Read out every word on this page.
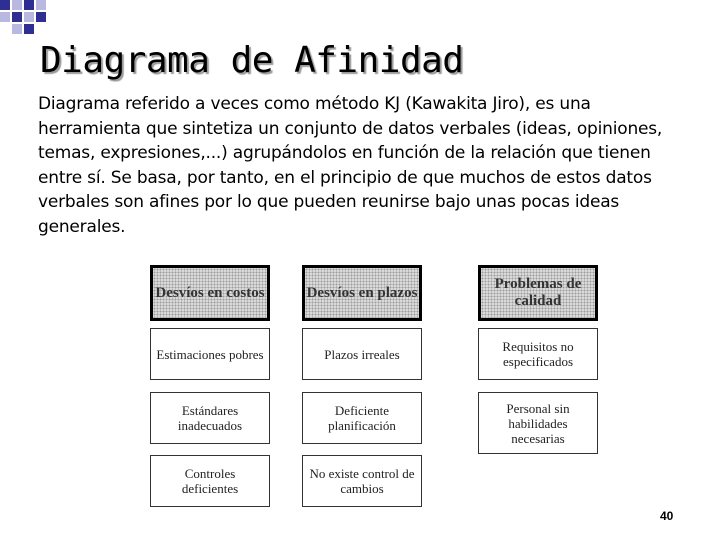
Diagrama de Afinidad

Diagrama referido a veces como método KJ (Kawakita Jiro), es una herramienta que sintetiza un conjunto de datos verbales (ideas, opiniones, temas, expresiones,...) agrupándolos en función de la relación que tienen entre sí. Se basa, por tanto, en el principio de que muchos de estos datos verbales son afines por lo que pueden reunirse bajo unas pocas ideas generales.

Desvíos en costos
Estimaciones pobres
Estándares inadecuados
Controles deficientes
Desvíos en plazos
Plazos irreales
Deficiente planificación
No existe control de cambios
Problemas de calidad
Requisitos no especificados
Personal sin habilidades necesarias
40
